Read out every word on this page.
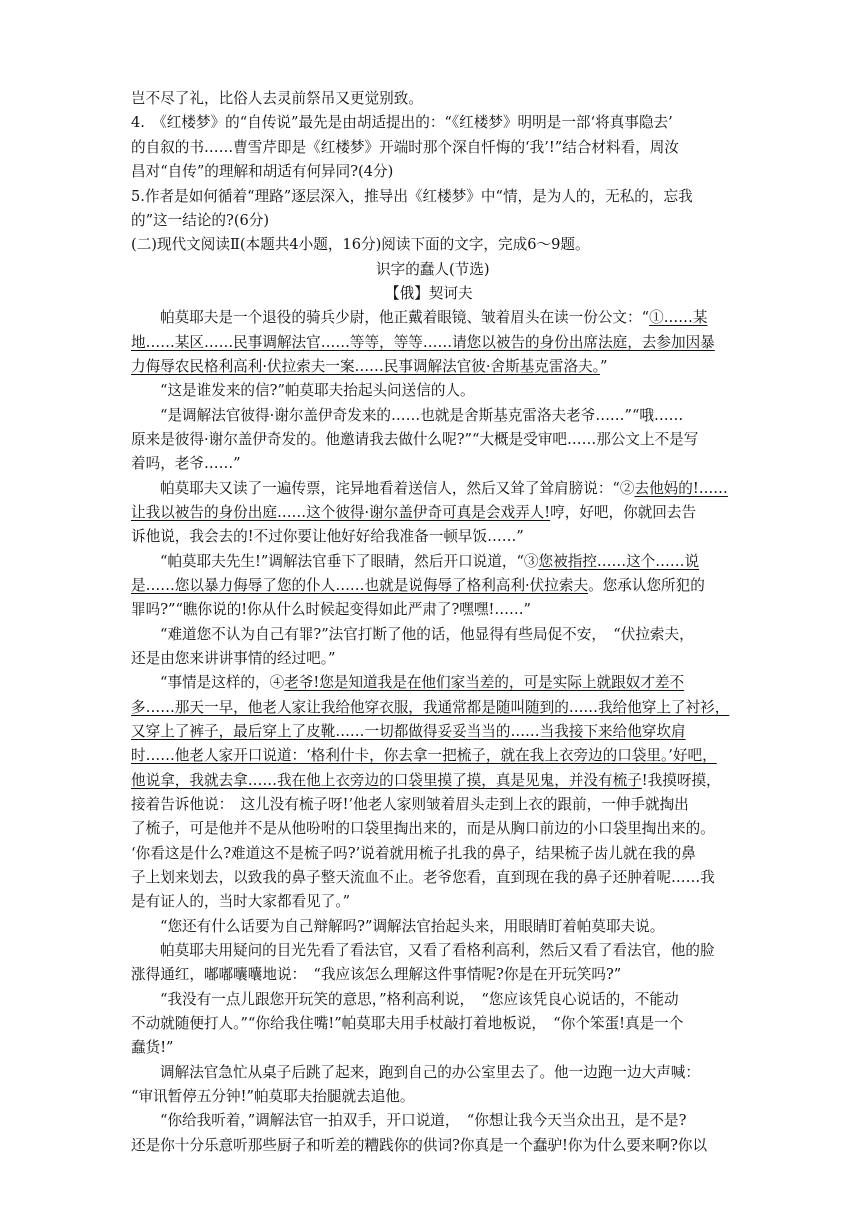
岂不尽了礼，比俗人去灵前祭吊又更觉别致。
4.　《红楼梦》的“自传说”最先是由胡适提出的：“《红楼梦》明明是一部‘将真事隐去’
的自叙的书……曹雪芹即是《红楼梦》开端时那个深自忏悔的‘我’!”结合材料看，周汝
昌对“自传”的理解和胡适有何异同?(4分)
5.作者是如何循着“理路”逐层深入，推导出《红楼梦》中“情，是为人的，无私的，忘我
的”这一结论的?(6分)
(二)现代文阅读Ⅱ(本题共4小题，16分)阅读下面的文字，完成6～9题。
识字的蠢人(节选)
【俄】契诃夫
帕莫耶夫是一个退役的骑兵少尉，他正戴着眼镜、皱着眉头在读一份公文：“①……某
地……某区……民事调解法官……等等，等等……请您以被告的身份出席法庭，去参加因暴
力侮辱农民格利高利·伏拉索夫一案……民事调解法官彼·舍斯基克雷洛夫。”
“这是谁发来的信?”帕莫耶夫抬起头问送信的人。
“是调解法官彼得·谢尔盖伊奇发来的……也就是舍斯基克雷洛夫老爷……”“哦……
原来是彼得·谢尔盖伊奇发的。他邀请我去做什么呢?”“大概是受审吧……那公文上不是写
着吗，老爷……”
帕莫耶夫又读了一遍传票，诧异地看着送信人，然后又耸了耸肩膀说：“②去他妈的!……
让我以被告的身份出庭……这个彼得·谢尔盖伊奇可真是会戏弄人!哼，好吧，你就回去告
诉他说，我会去的!不过你要让他好好给我准备一顿早饭……”
“帕莫耶夫先生!”调解法官垂下了眼睛，然后开口说道，“③您被指控……这个……说
是……您以暴力侮辱了您的仆人……也就是说侮辱了格利高利·伏拉索夫。您承认您所犯的
罪吗?”“瞧你说的!你从什么时候起变得如此严肃了?嘿嘿!……”
“难道您不认为自己有罪?”法官打断了他的话，他显得有些局促不安，　“伏拉索夫，
还是由您来讲讲事情的经过吧。”
“事情是这样的，④老爷!您是知道我是在他们家当差的，可是实际上就跟奴才差不
多……那天一早，他老人家让我给他穿衣服，我通常都是随叫随到的……我给他穿上了衬衫，
又穿上了裤子，最后穿上了皮靴……一切都做得妥妥当当的……当我接下来给他穿坎肩
时……他老人家开口说道：‘格利什卡，你去拿一把梳子，就在我上衣旁边的口袋里。’好吧，
他说拿，我就去拿……我在他上衣旁边的口袋里摸了摸，真是见鬼，并没有梳子!我摸呀摸，
接着告诉他说：　这儿没有梳子呀!’他老人家则皱着眉头走到上衣的跟前，一伸手就掏出
了梳子，可是他并不是从他吩咐的口袋里掏出来的，而是从胸口前边的小口袋里掏出来的。
‘你看这是什么?难道这不是梳子吗?’说着就用梳子扎我的鼻子，结果梳子齿儿就在我的鼻
子上划来划去，以致我的鼻子整天流血不止。老爷您看，直到现在我的鼻子还肿着呢……我
是有证人的，当时大家都看见了。”
“您还有什么话要为自己辩解吗?”调解法官抬起头来，用眼睛盯着帕莫耶夫说。
帕莫耶夫用疑问的目光先看了看法官，又看了看格利高利，然后又看了看法官，他的脸
涨得通红，嘟嘟囔囔地说：　“我应该怎么理解这件事情呢?你是在开玩笑吗?”
“我没有一点儿跟您开玩笑的意思，”格利高利说，　“您应该凭良心说话的，不能动
不动就随便打人。”“你给我住嘴!”帕莫耶夫用手杖敲打着地板说，　“你个笨蛋!真是一个
蠢货!”
调解法官急忙从桌子后跳了起来，跑到自己的办公室里去了。他一边跑一边大声喊：
“审讯暂停五分钟!”帕莫耶夫抬腿就去追他。
“你给我听着，”调解法官一拍双手，开口说道，　“你想让我今天当众出丑，是不是?
还是你十分乐意听那些厨子和听差的糟践你的供词?你真是一个蠢驴!你为什么要来啊?你以
